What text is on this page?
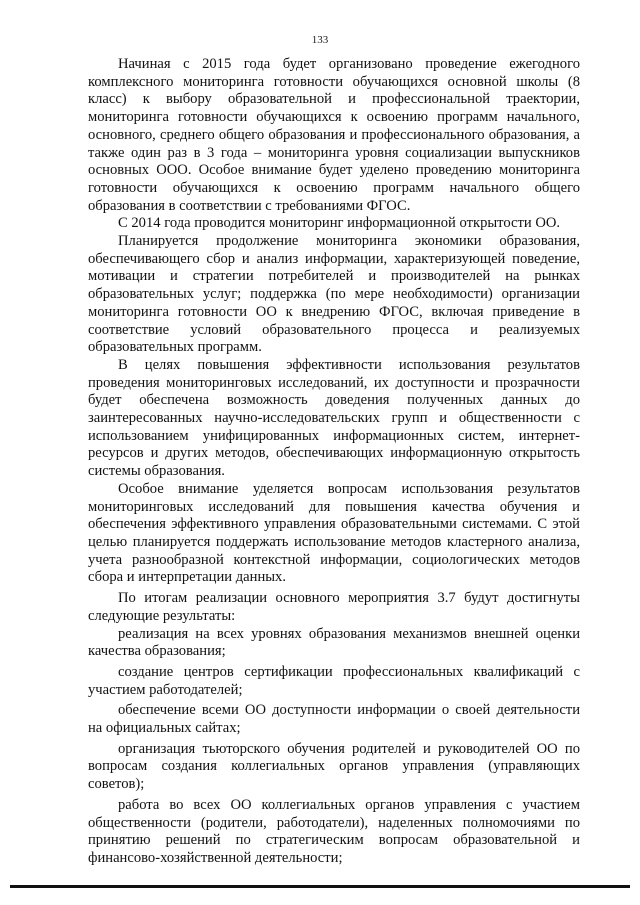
133

Начиная с 2015 года будет организовано проведение ежегодного комплексного мониторинга готовности обучающихся основной школы (8 класс) к выбору образовательной и профессиональной траектории, мониторинга готовности обучающихся к освоению программ начального, основного, среднего общего образования и профессионального образования, а также один раз в 3 года – мониторинга уровня социализации выпускников основных ООО. Особое внимание будет уделено проведению мониторинга готовности обучающихся к освоению программ начального общего образования в соответствии с требованиями ФГОС.

С 2014 года проводится мониторинг информационной открытости ОО.

Планируется продолжение мониторинга экономики образования, обеспечивающего сбор и анализ информации, характеризующей поведение, мотивации и стратегии потребителей и производителей на рынках образовательных услуг; поддержка (по мере необходимости) организации мониторинга готовности ОО к внедрению ФГОС, включая приведение в соответствие условий образовательного процесса и реализуемых образовательных программ.

В целях повышения эффективности использования результатов проведения мониторинговых исследований, их доступности и прозрачности будет обеспечена возможность доведения полученных данных до заинтересованных научно-исследовательских групп и общественности с использованием унифицированных информационных систем, интернет-ресурсов и других методов, обеспечивающих информационную открытость системы образования.

Особое внимание уделяется вопросам использования результатов мониторинговых исследований для повышения качества обучения и обеспечения эффективного управления образовательными системами. С этой целью планируется поддержать использование методов кластерного анализа, учета разнообразной контекстной информации, социологических методов сбора и интерпретации данных.

По итогам реализации основного мероприятия 3.7 будут достигнуты следующие результаты:

реализация на всех уровнях образования механизмов внешней оценки качества образования;

создание центров сертификации профессиональных квалификаций с участием работодателей;

обеспечение всеми ОО доступности информации о своей деятельности на официальных сайтах;

организация тьюторского обучения родителей и руководителей ОО по вопросам создания коллегиальных органов управления (управляющих советов);

работа во всех ОО коллегиальных органов управления с участием общественности (родители, работодатели), наделенных полномочиями по принятию решений по стратегическим вопросам образовательной и финансово-хозяйственной деятельности;
